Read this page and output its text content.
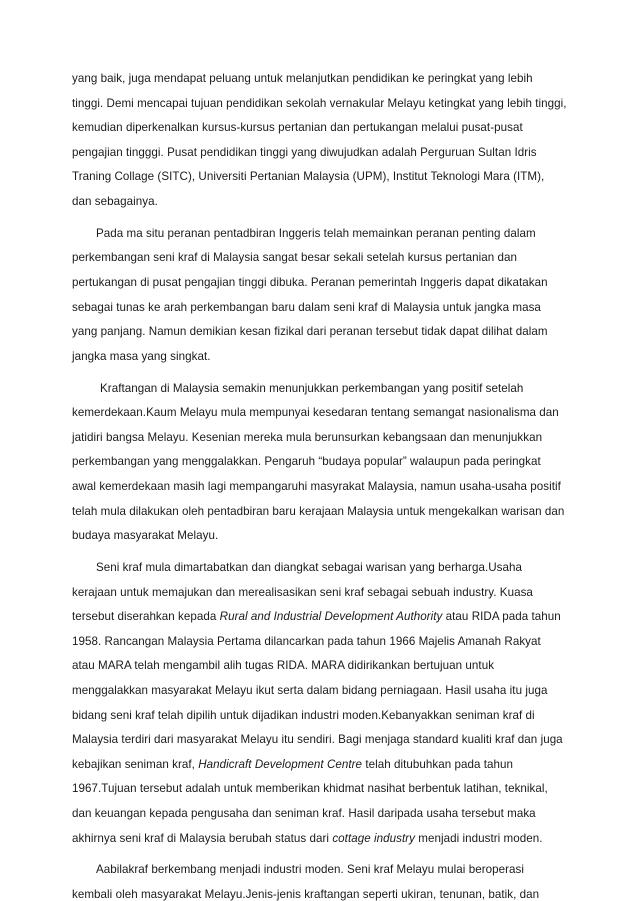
yang baik, juga mendapat peluang untuk melanjutkan pendidikan ke peringkat yang lebih
tinggi. Demi mencapai tujuan pendidikan sekolah vernakular Melayu ketingkat yang lebih tinggi,
kemudian diperkenalkan kursus-kursus pertanian dan pertukangan melalui pusat-pusat
pengajian tingggi. Pusat pendidikan tinggi yang diwujudkan adalah Perguruan Sultan Idris
Traning Collage (SITC), Universiti Pertanian Malaysia (UPM), Institut Teknologi Mara (ITM),
dan sebagainya.
Pada ma situ peranan pentadbiran Inggeris telah memainkan peranan penting dalam
perkembangan seni kraf di Malaysia sangat besar sekali setelah kursus pertanian dan
pertukangan di pusat pengajian tinggi dibuka. Peranan pemerintah Inggeris dapat dikatakan
sebagai tunas ke arah perkembangan baru dalam seni kraf di Malaysia untuk jangka masa
yang panjang. Namun demikian kesan fizikal dari peranan tersebut tidak dapat dilihat dalam
jangka masa yang singkat.
Kraftangan di Malaysia semakin menunjukkan perkembangan yang positif setelah
kemerdekaan.Kaum Melayu mula mempunyai kesedaran tentang semangat nasionalisma dan
jatidiri bangsa Melayu. Kesenian mereka mula berunsurkan kebangsaan dan menunjukkan
perkembangan yang menggalakkan. Pengaruh “budaya popular” walaupun pada peringkat
awal kemerdekaan masih lagi mempangaruhi masyrakat Malaysia, namun usaha-usaha positif
telah mula dilakukan oleh pentadbiran baru kerajaan Malaysia untuk mengekalkan warisan dan
budaya masyarakat Melayu.
Seni kraf mula dimartabatkan dan diangkat sebagai warisan yang berharga.Usaha
kerajaan untuk memajukan dan merealisasikan seni kraf sebagai sebuah industry. Kuasa
tersebut diserahkan kepada Rural and Industrial Development Authority atau RIDA pada tahun
1958. Rancangan Malaysia Pertama dilancarkan pada tahun 1966 Majelis Amanah Rakyat
atau MARA telah mengambil alih tugas RIDA. MARA didirikankan bertujuan untuk
menggalakkan masyarakat Melayu ikut serta dalam bidang perniagaan. Hasil usaha itu juga
bidang seni kraf telah dipilih untuk dijadikan industri moden.Kebanyakkan seniman kraf di
Malaysia terdiri dari masyarakat Melayu itu sendiri. Bagi menjaga standard kualiti kraf dan juga
kebajikan seniman kraf, Handicraft Development Centre telah ditubuhkan pada tahun
1967.Tujuan tersebut adalah untuk memberikan khidmat nasihat berbentuk latihan, teknikal,
dan keuangan kepada pengusaha dan seniman kraf. Hasil daripada usaha tersebut maka
akhirnya seni kraf di Malaysia berubah status dari cottage industry menjadi industri moden.
Aabilakraf berkembang menjadi industri moden. Seni kraf Melayu mulai beroperasi
kembali oleh masyarakat Melayu.Jenis-jenis kraftangan seperti ukiran, tenunan, batik, dan
